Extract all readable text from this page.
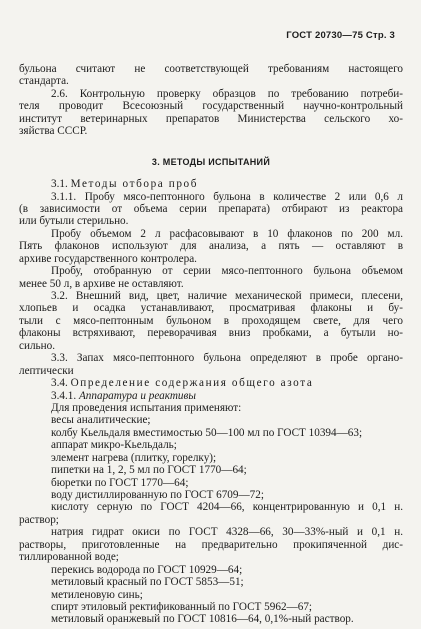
ГОСТ 20730—75 Стр. 3
бульона считают не соответствующей требованиям настоящего
стандарта.
2.6. Контрольную проверку образцов по требованию потреби-
теля проводит Всесоюзный государственный научно-контрольный
институт ветеринарных препаратов Министерства сельского хо-
зяйства СССР.
3. МЕТОДЫ ИСПЫТАНИЙ
3.1. Методы отбора проб
3.1.1. Пробу мясо-пептонного бульона в количестве 2 или 0,6 л
(в зависимости от объема серии препарата) отбирают из реактора
или бутыли стерильно.
Пробу объемом 2 л расфасовывают в 10 флаконов по 200 мл.
Пять флаконов используют для анализа, а пять — оставляют в
архиве государственного контролера.
Пробу, отобранную от серии мясо-пептонного бульона объемом
менее 50 л, в архиве не оставляют.
3.2. Внешний вид, цвет, наличие механической примеси, плесени,
хлопьев и осадка устанавливают, просматривая флаконы и бу-
тыли с мясо-пептонным бульоном в проходящем свете, для чего
флаконы встряхивают, переворачивая вниз пробками, а бутыли но-
сильно.
3.3. Запах мясо-пептонного бульона определяют в пробе органо-
лептически
3.4. Определение содержания общего азота
3.4.1. Аппаратура и реактивы
Для проведения испытания применяют:
весы аналитические;
колбу Кьельдаля вместимостью 50—100 мл по ГОСТ 10394—63;
аппарат микро-Кьельдаль;
элемент нагрева (плитку, горелку);
пипетки на 1, 2, 5 мл по ГОСТ 1770—64;
бюретки по ГОСТ 1770—64;
воду дистиллированную по ГОСТ 6709—72;
кислоту серную по ГОСТ 4204—66, концентрированную и 0,1 н.
раствор;
натрия гидрат окиси по ГОСТ 4328—66, 30—33%-ный и 0,1 н.
растворы, приготовленные на предварительно прокипяченной дис-
тиллированной воде;
перекись водорода по ГОСТ 10929—64;
метиловый красный по ГОСТ 5853—51;
метиленовую синь;
спирт этиловый ректификованный по ГОСТ 5962—67;
метиловый оранжевый по ГОСТ 10816—64, 0,1%-ный раствор.
